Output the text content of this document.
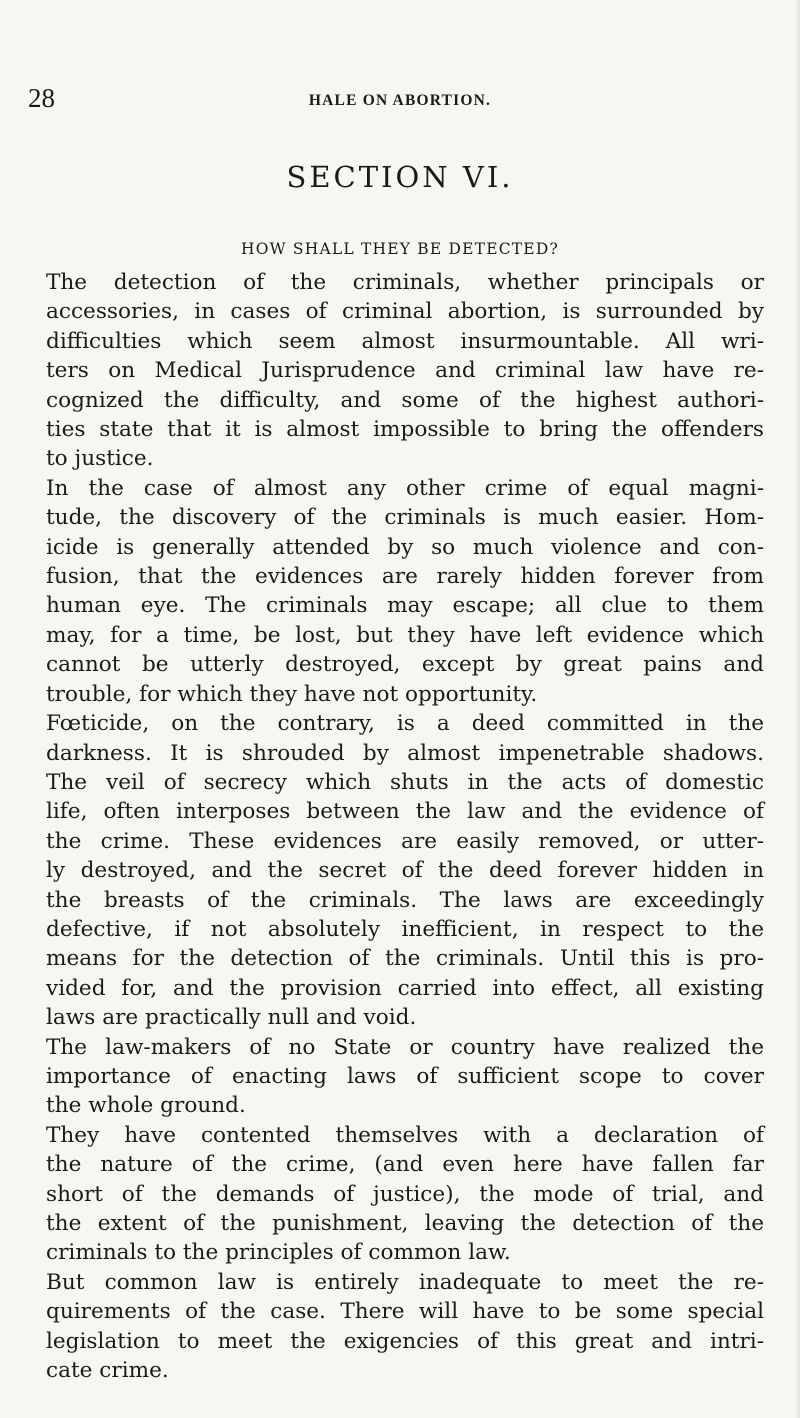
28	HALE ON ABORTION.
SECTION VI.
HOW SHALL THEY BE DETECTED?
The detection of the criminals, whether principals or
accessories, in cases of criminal abortion, is surrounded by
difficulties which seem almost insurmountable. All wri-
ters on Medical Jurisprudence and criminal law have re-
cognized the difficulty, and some of the highest authori-
ties state that it is almost impossible to bring the offenders
to justice.
In the case of almost any other crime of equal magni-
tude, the discovery of the criminals is much easier. Hom-
icide is generally attended by so much violence and con-
fusion, that the evidences are rarely hidden forever from
human eye. The criminals may escape; all clue to them
may, for a time, be lost, but they have left evidence which
cannot be utterly destroyed, except by great pains and
trouble, for which they have not opportunity.
Fœticide, on the contrary, is a deed committed in the
darkness. It is shrouded by almost impenetrable shadows.
The veil of secrecy which shuts in the acts of domestic
life, often interposes between the law and the evidence of
the crime. These evidences are easily removed, or utter-
ly destroyed, and the secret of the deed forever hidden in
the breasts of the criminals. The laws are exceedingly
defective, if not absolutely inefficient, in respect to the
means for the detection of the criminals. Until this is pro-
vided for, and the provision carried into effect, all existing
laws are practically null and void.
The law-makers of no State or country have realized the
importance of enacting laws of sufficient scope to cover
the whole ground.
They have contented themselves with a declaration of
the nature of the crime, (and even here have fallen far
short of the demands of justice), the mode of trial, and
the extent of the punishment, leaving the detection of the
criminals to the principles of common law.
But common law is entirely inadequate to meet the re-
quirements of the case. There will have to be some special
legislation to meet the exigencies of this great and intri-
cate crime.
